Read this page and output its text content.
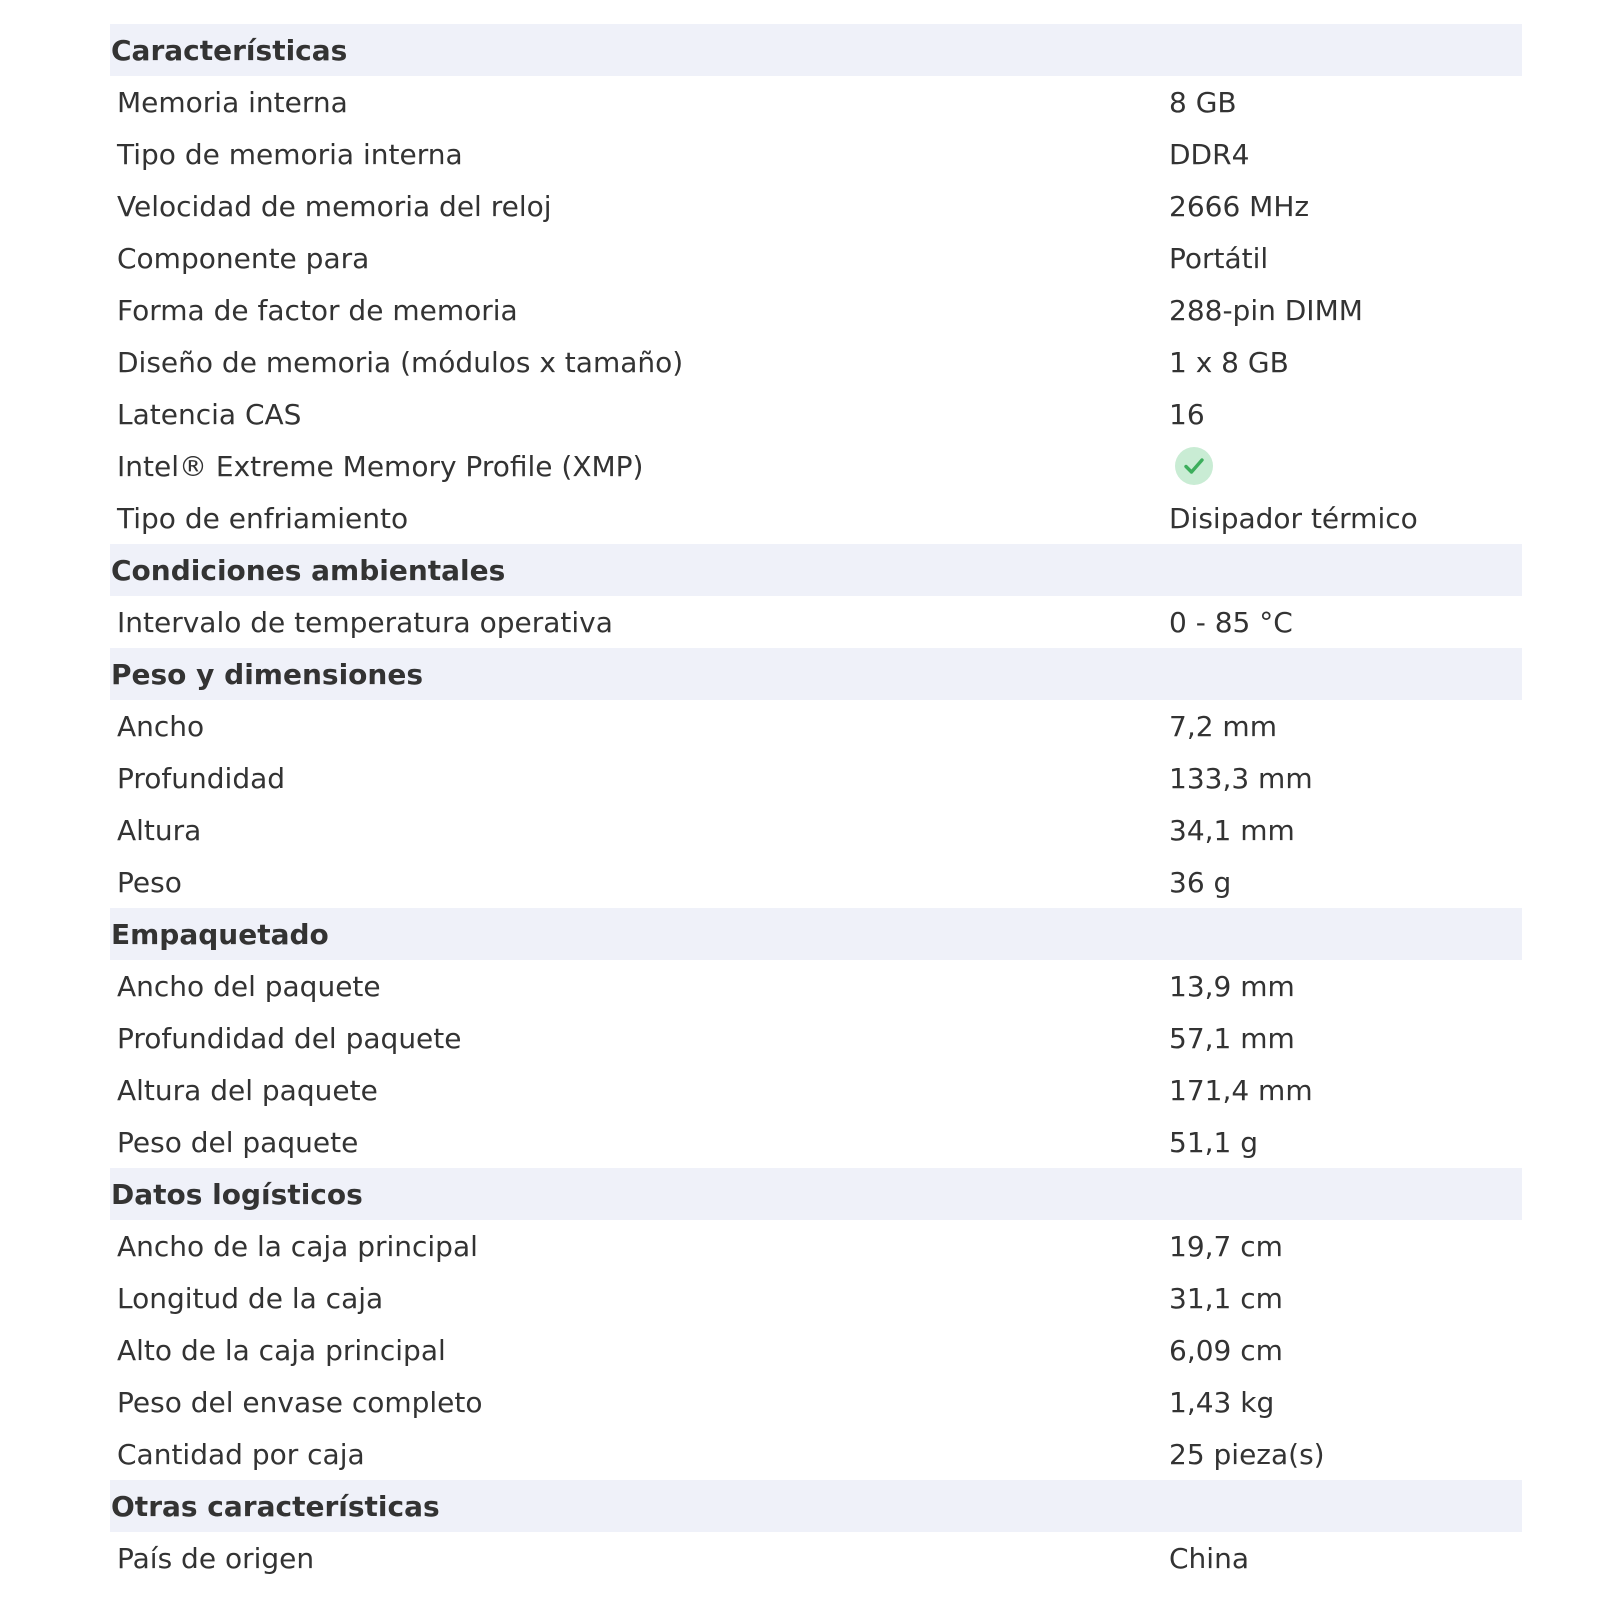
Características
Memoria interna	8 GB
Tipo de memoria interna	DDR4
Velocidad de memoria del reloj	2666 MHz
Componente para	Portátil
Forma de factor de memoria	288-pin DIMM
Diseño de memoria (módulos x tamaño)	1 x 8 GB
Latencia CAS	16
Intel® Extreme Memory Profile (XMP)
Tipo de enfriamiento	Disipador térmico
Condiciones ambientales
Intervalo de temperatura operativa	0 - 85 °C
Peso y dimensiones
Ancho	7,2 mm
Profundidad	133,3 mm
Altura	34,1 mm
Peso	36 g
Empaquetado
Ancho del paquete	13,9 mm
Profundidad del paquete	57,1 mm
Altura del paquete	171,4 mm
Peso del paquete	51,1 g
Datos logísticos
Ancho de la caja principal	19,7 cm
Longitud de la caja	31,1 cm
Alto de la caja principal	6,09 cm
Peso del envase completo	1,43 kg
Cantidad por caja	25 pieza(s)
Otras características
País de origen	China
